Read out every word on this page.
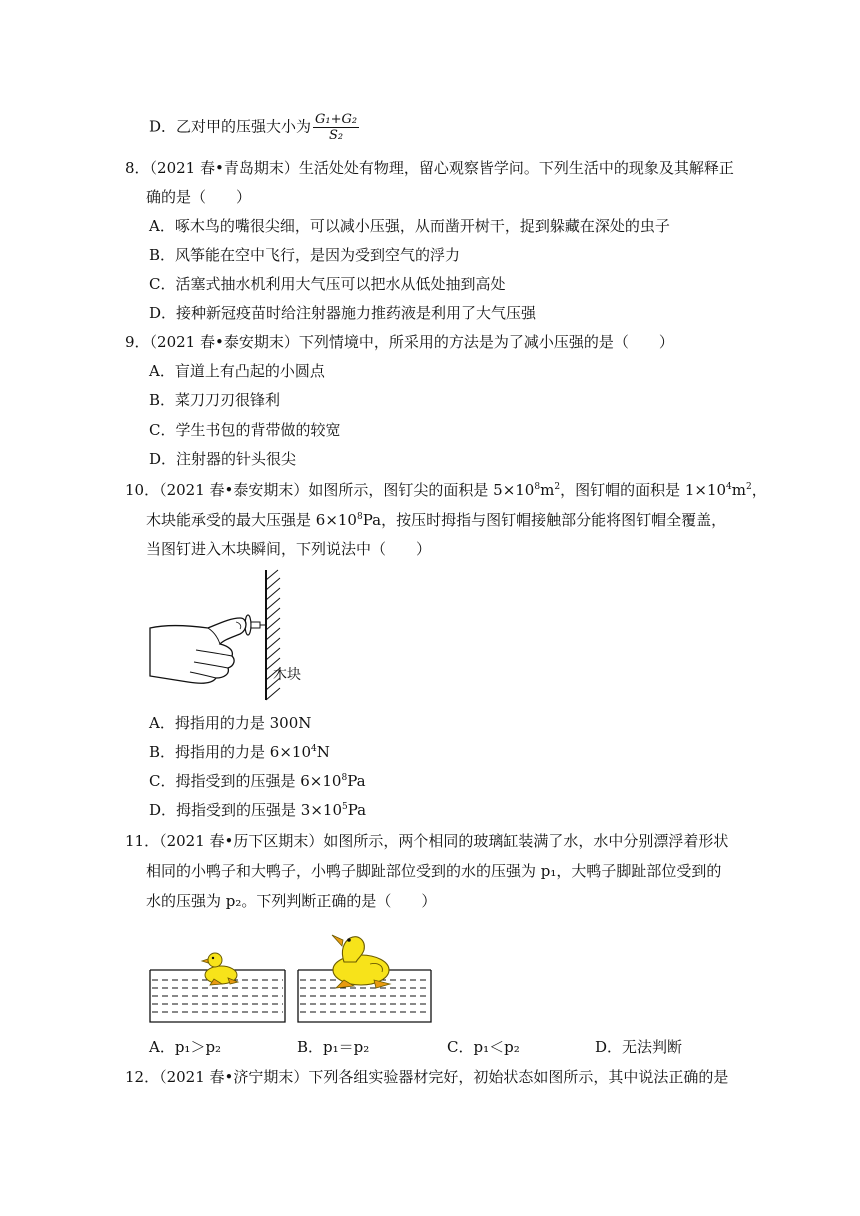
D．乙对甲的压强大小为 $\frac{\text{G₁+G₂}}{\text{S₂}}$
8．（2021 春•青岛期末）生活处处有物理，留心观察皆学问。下列生活中的现象及其解释正
确的是（　　）
A．啄木鸟的嘴很尖细，可以减小压强，从而凿开树干，捉到躲藏在深处的虫子
B．风筝能在空中飞行，是因为受到空气的浮力
C．活塞式抽水机利用大气压可以把水从低处抽到高处
D．接种新冠疫苗时给注射器施力推药液是利用了大气压强
9．（2021 春•泰安期末）下列情境中，所采用的方法是为了减小压强的是（　　）
A．盲道上有凸起的小圆点
B．菜刀刀刃很锋利
C．学生书包的背带做的较宽
D．注射器的针头很尖
10．（2021 春•泰安期末）如图所示，图钉尖的面积是 $5\times 10^8m^2$，图钉帽的面积是 $1\times 10^4m^2$，
木块能承受的最大压强是 $6\times 10^8Pa$，按压时拇指与图钉帽接触部分能将图钉帽全覆盖，
当图钉进入木块瞬间，下列说法中（　　）
木块
A．拇指用的力是 300N
B．拇指用的力是 $6\times 10^4N$
C．拇指受到的压强是 $6\times 10^8Pa$
D．拇指受到的压强是 $3\times 10^5Pa$
11．（2021 春•历下区期末）如图所示，两个相同的玻璃缸装满了水，水中分别漂浮着形状
相同的小鸭子和大鸭子，小鸭子脚趾部位受到的水的压强为 p₁，大鸭子脚趾部位受到的
水的压强为 p₂。下列判断正确的是（　　）
A．p₁＞p₂	B．p₁＝p₂	C．p₁＜p₂	D．无法判断
12．（2021 春•济宁期末）下列各组实验器材完好，初始状态如图所示，其中说法正确的是
